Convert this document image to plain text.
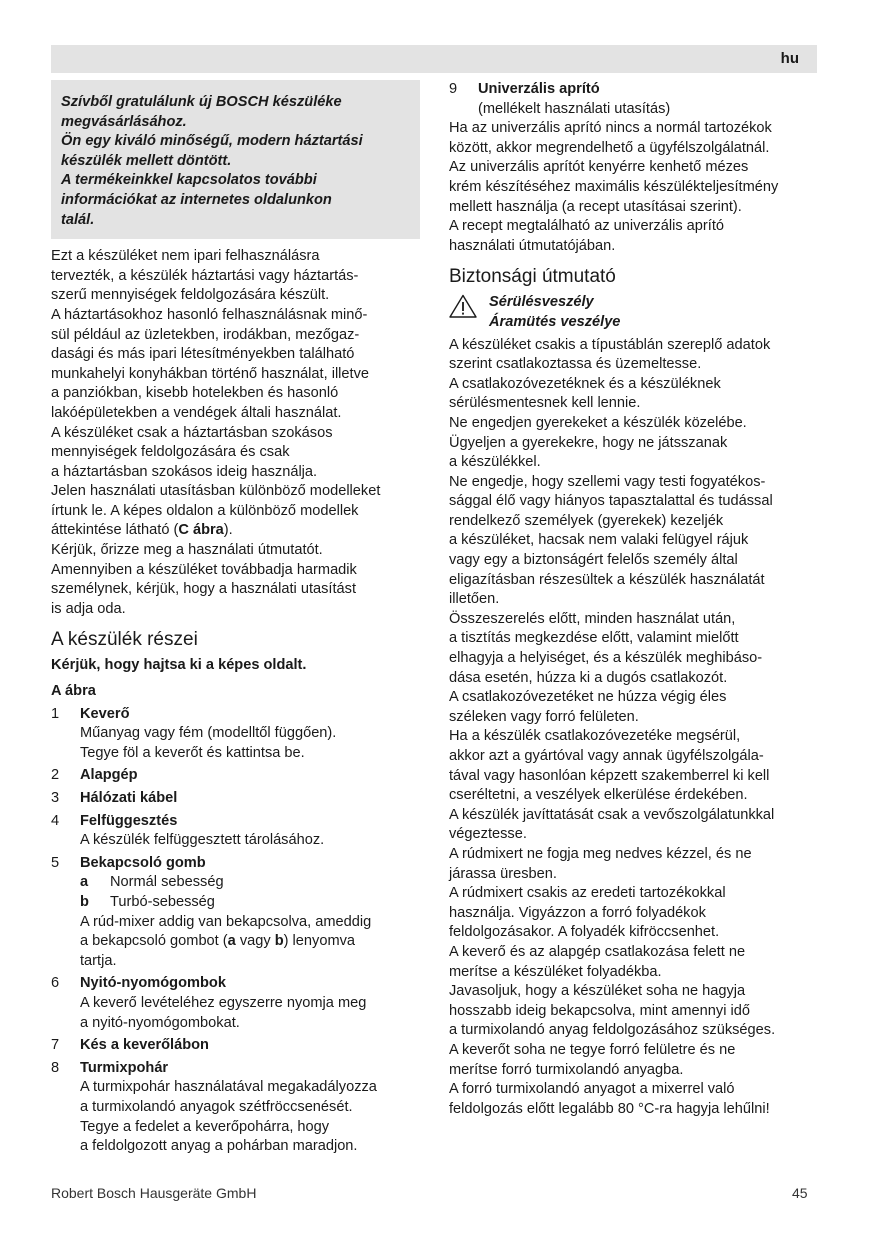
hu
Szívből gratulálunk új BOSCH készüléke
megvásárlásához.
Ön egy kiváló minőségű, modern háztartási
készülék mellett döntött.
A termékeinkkel kapcsolatos további
információkat az internetes oldalunkon
talál.
Ezt a készüléket nem ipari felhasználásra
tervezték, a készülék háztartási vagy háztartás-
szerű mennyiségek feldolgozására készült.
A háztartásokhoz hasonló felhasználásnak minő-
sül például az üzletekben, irodákban, mezőgaz-
dasági és más ipari létesítményekben található
munkahelyi konyhákban történő használat, illetve
a panziókban, kisebb hotelekben és hasonló
lakóépületekben a vendégek általi használat.
A készüléket csak a háztartásban szokásos
mennyiségek feldolgozására és csak
a háztartásban szokásos ideig használja.
Jelen használati utasításban különböző modelleket
írtunk le. A képes oldalon a különböző modellek
áttekintése látható (C ábra).
Kérjük, őrizze meg a használati útmutatót.
Amennyiben a készüléket továbbadja harmadik
személynek, kérjük, hogy a használati utasítást
is adja oda.
A készülék részei
Kérjük, hogy hajtsa ki a képes oldalt.
A ábra
1 Keverő
Műanyag vagy fém (modelltől függően).
Tegye föl a keverőt és kattintsa be.
2 Alapgép
3 Hálózati kábel
4 Felfüggesztés
A készülék felfüggesztett tárolásához.
5 Bekapcsoló gomb
a Normál sebesség
b Turbó-sebesség
A rúd-mixer addig van bekapcsolva, ameddig
a bekapcsoló gombot (a vagy b) lenyomva
tartja.
6 Nyitó-nyomógombok
A keverő levételéhez egyszerre nyomja meg
a nyitó-nyomógombokat.
7 Kés a keverőlábon
8 Turmixpohár
A turmixpohár használatával megakadályozza
a turmixolandó anyagok szétfröccsenését.
Tegye a fedelet a keverőpohárra, hogy
a feldolgozott anyag a pohárban maradjon.
9 Univerzális aprító
(mellékelt használati utasítás)
Ha az univerzális aprító nincs a normál tartozékok
között, akkor megrendelhető a ügyfélszolgálatnál.
Az univerzális aprítót kenyérre kenhető mézes
krém készítéséhez maximális készülékteljesítmény
mellett használja (a recept utasításai szerint).
A recept megtalálható az univerzális aprító
használati útmutatójában.
Biztonsági útmutató
Sérülésveszély
Áramütés veszélye
A készüléket csakis a típustáblán szereplő adatok
szerint csatlakoztassa és üzemeltesse.
A csatlakozóvezetéknek és a készüléknek
sérülésmentesnek kell lennie.
Ne engedjen gyerekeket a készülék közelébe.
Ügyeljen a gyerekekre, hogy ne játsszanak
a készülékkel.
Ne engedje, hogy szellemi vagy testi fogyatékos-
sággal élő vagy hiányos tapasztalattal és tudással
rendelkező személyek (gyerekek) kezeljék
a készüléket, hacsak nem valaki felügyel rájuk
vagy egy a biztonságért felelős személy által
eligazításban részesültek a készülék használatát
illetően.
Összeszerelés előtt, minden használat után,
a tisztítás megkezdése előtt, valamint mielőtt
elhagyja a helyiséget, és a készülék meghibáso-
dása esetén, húzza ki a dugós csatlakozót.
A csatlakozóvezetéket ne húzza végig éles
széleken vagy forró felületen.
Ha a készülék csatlakozóvezetéke megsérül,
akkor azt a gyártóval vagy annak ügyfélszolgála-
tával vagy hasonlóan képzett szakemberrel ki kell
cseréltetni, a veszélyek elkerülése érdekében.
A készülék javíttatását csak a vevőszolgálatunkkal
végeztesse.
A rúdmixert ne fogja meg nedves kézzel, és ne
járassa üresben.
A rúdmixert csakis az eredeti tartozékokkal
használja. Vigyázzon a forró folyadékok
feldolgozásakor. A folyadék kifröccsenhet.
A keverő és az alapgép csatlakozása felett ne
merítse a készüléket folyadékba.
Javasoljuk, hogy a készüléket soha ne hagyja
hosszabb ideig bekapcsolva, mint amennyi idő
a turmixolandó anyag feldolgozásához szükséges.
A keverőt soha ne tegye forró felületre és ne
merítse forró turmixolandó anyagba.
A forró turmixolandó anyagot a mixerrel való
feldolgozás előtt legalább 80 °C-ra hagyja lehűlni!
Robert Bosch Hausgeräte GmbH	45
